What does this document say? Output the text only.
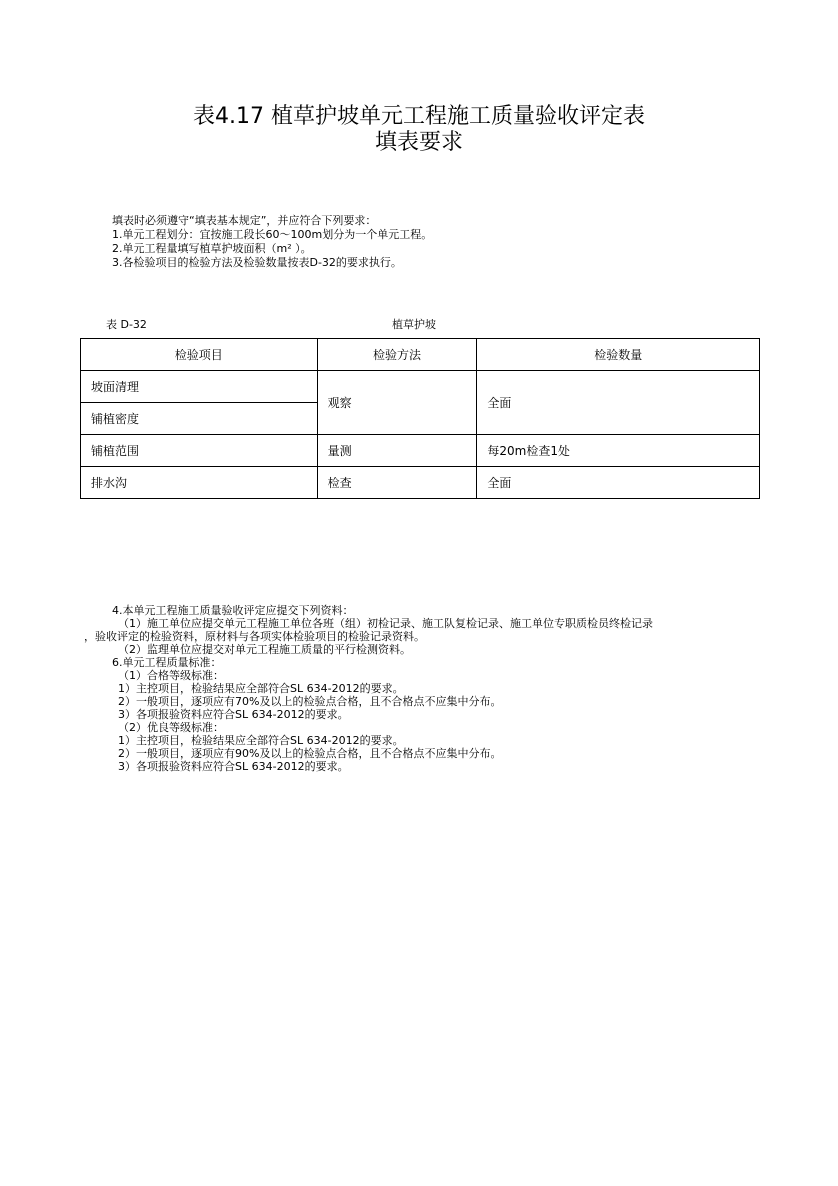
表4.17 植草护坡单元工程施工质量验收评定表
填表要求
填表时必须遵守“填表基本规定”，并应符合下列要求：
1.单元工程划分：宜按施工段长60～100m划分为一个单元工程。
2.单元工程量填写植草护坡面积（m² ）。
3.各检验项目的检验方法及检验数量按表D-32的要求执行。
表 D-32	植草护坡
检验项目	检验方法	检验数量
坡面清理	观察	全面
铺植密度		
铺植范围	量测	每20m检查1处
排水沟	检查	全面
4.本单元工程施工质量验收评定应提交下列资料：
（1）施工单位应提交单元工程施工单位各班（组）初检记录、施工队复检记录、施工单位专职质检员终检记录
，验收评定的检验资料，原材料与各项实体检验项目的检验记录资料。
（2）监理单位应提交对单元工程施工质量的平行检测资料。
6.单元工程质量标准：
（1）合格等级标准：
1）主控项目，检验结果应全部符合SL 634-2012的要求。
2）一般项目，逐项应有70%及以上的检验点合格，且不合格点不应集中分布。
3）各项报验资料应符合SL 634-2012的要求。
（2）优良等级标准：
1）主控项目，检验结果应全部符合SL 634-2012的要求。
2）一般项目，逐项应有90%及以上的检验点合格，且不合格点不应集中分布。
3）各项报验资料应符合SL 634-2012的要求。
